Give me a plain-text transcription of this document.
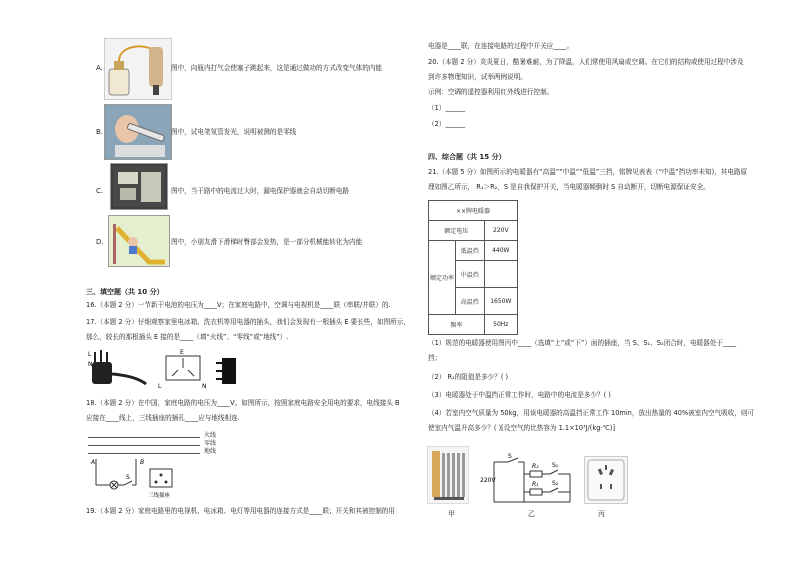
A.	图中，向瓶内打气会使塞子跳起来，这是通过做功的方式改变气体的内能
B.	图中，试电笔氖管发光，说明被测的是零线
C.	图中，当干路中的电流过大时，漏电保护器就会自动切断电路
D.	图中，小朋友滑下滑梯时臀部会发热，是一部分机械能转化为内能
三、填空题（共 10 分）
16.（本题 2 分）一节新干电池的电压为____V；在家庭电路中，空调与电视机是____联（串联/并联）的.
17.（本题 2 分）仔细观察家里电冰箱、洗衣机等用电器的插头，我们会发现有一根插头 E 要长些，如图所示，
那么，较长的那根插头 E 接的是____（填“火线”、“零线”或“地线”）.
L
N
E
L	N
18.（本题 2 分）在中国，家庭电路的电压为____V。如图所示，按照家庭电路安全用电的要求，电线接头 B
应接在____线上，三线插座的插孔____应与地线相连.
火线
零线
地线
A	B
S
三线插座
19.（本题 2 分）家庭电路里的电视机、电冰箱、电灯等用电器的连接方式是____联；开关和其被控制的用
电器是____联，在连接电路的过程中开关应____。
20.（本题 2 分）炎炎夏日，酷暑难耐，为了降温，人们常使用风扇或空调。在它们的结构或使用过程中涉及
到许多物理知识，试举两例说明。
示例：空调的遥控器利用红外线进行控制。
（1）______
（2）______
四、综合题（共 15 分）
21.（本题 5 分）如图所示的电暖器有“高温”“中温”“低温”三挡，铭牌见表表（“中温”挡功率未知)，其电路原
理如图乙所示， R₁＞R₂，S 是自我保护开关，当电暖器倾倒时 S 自动断开，切断电源保证安全。
××牌电暖器		
额定电压		220V
额定功率	低温挡	440W
	中温挡	
	高温挡	1650W
频率		50Hz
（1）规范的电暖器使用图丙中____（选填“上”或“下”）面的插座，当 S、S₁、S₂闭合时，电暖器处于____
挡；
（2） R₁的阻值是多少？( )
（3）电暖器处于中温挡正常工作时，电路中的电流是多少？( )
（4）若室内空气质量为 50kg，用该电暖器的高温挡正常工作 10min，放出热量的 40%被室内空气吸收，则可
使室内气温升高多少？( )[设空气的比热容为 1.1×10³J/(kg·℃)]
S
220V
R₂
R₁
S₁
S₂
甲	乙	丙
